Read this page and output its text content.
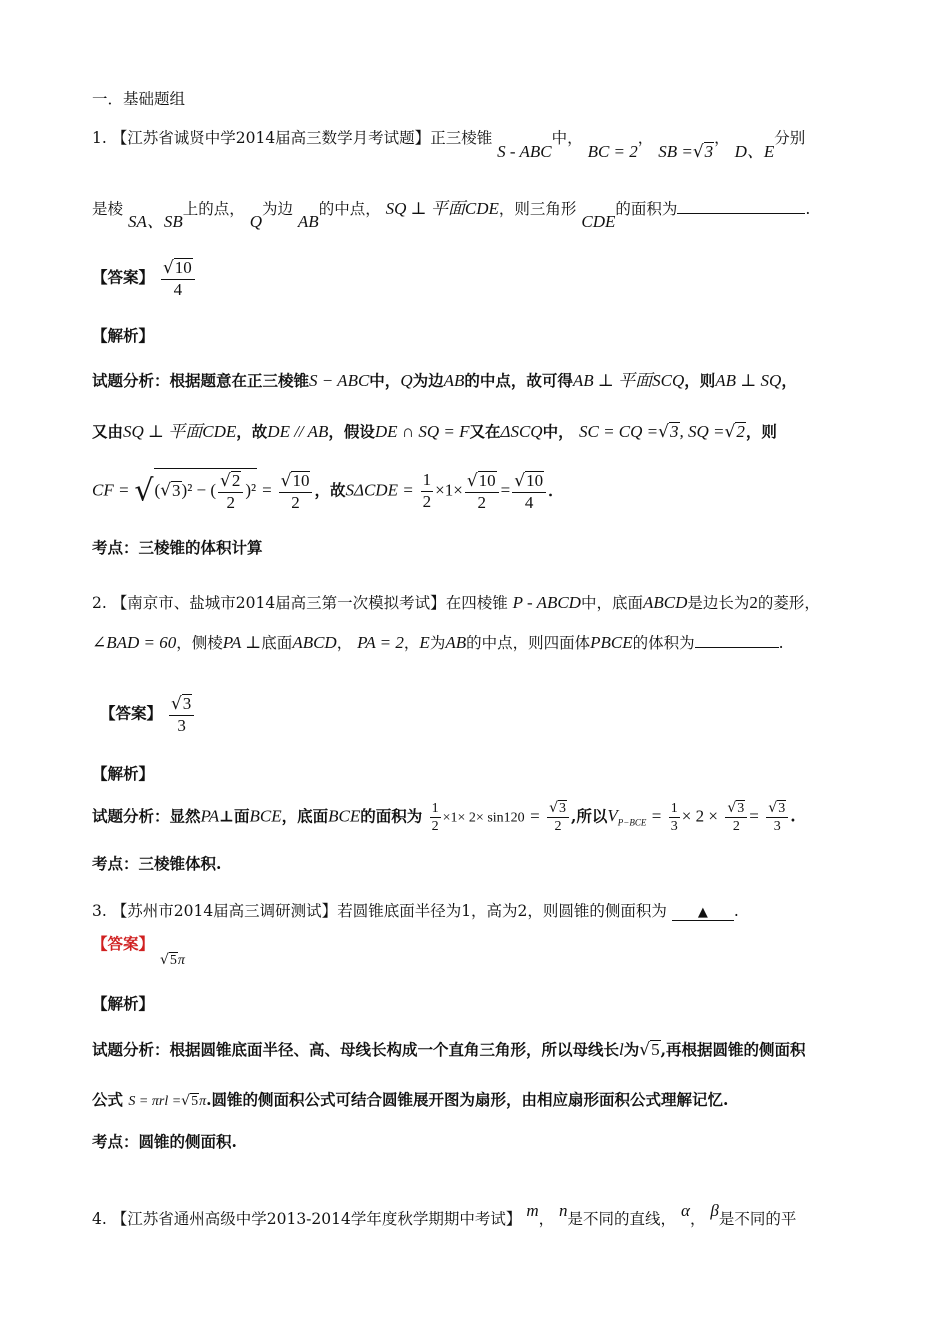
一．基础题组
1. 【江苏省诚贤中学2014届高三数学月考试题】正三棱锥 S - ABC中， BC = 2， SB =√3， D、E分别
是棱 SA、SB上的点， Q为边 AB的中点， SQ ⊥ 平面CDE，则三角形 CDE的面积为	.
【答案】 $\frac{√10}{4}$
【解析】
试题分析：根据题意在正三棱锥S − ABC中，Q为边AB的中点，故可得AB ⊥ 平面SCQ，则AB ⊥ SQ，
又由SQ ⊥ 平面CDE，故DE // AB，假设DE ∩ SQ = F又在ΔSCQ中， SC = CQ =√3, SQ =√2，则
CF = √(√3)² − ( $\frac{√2}{2} )^2 = \frac{√10}{2}$ ，故$S\Delta CDE = \frac{1}{2} \times 1\times \frac{√10}{2} = \frac{√10}{4}$ ．
考点：三棱锥的体积计算
2. 【南京市、盐城市2014届高三第一次模拟考试】在四棱锥 P - ABCD中，底面ABCD是边长为2的菱形，
∠BAD = 60，侧棱PA ⊥底面ABCD， PA = 2，E为AB的中点，则四面体PBCE的体积为	.
【答案】 $\frac{√3}{3}$
【解析】
试题分析：显然PA⊥面BCE，底面BCE的面积为 $\frac{1}{2} \times 1\times 2\times \sin 120 = \frac{√3}{2}$ ,所以$V_{P-BCE} = \frac{1}{3} \times 2 \times \frac{√3}{2} = \frac{√3}{3}$ .
考点：三棱锥体积.
3. 【苏州市2014届高三调研测试】若圆锥底面半径为1，高为2，则圆锥的侧面积为 ▲ .
【答案】
√5π
【解析】
试题分析：根据圆锥底面半径、高、母线长构成一个直角三角形，所以母线长l为√5,再根据圆锥的侧面积
公式 S = πrl =√5π.圆锥的侧面积公式可结合圆锥展开图为扇形，由相应扇形面积公式理解记忆.
考点：圆锥的侧面积.
4. 【江苏省通州高级中学2013-2014学年度秋学期期中考试】 m， n是不同的直线， α， β是不同的平
